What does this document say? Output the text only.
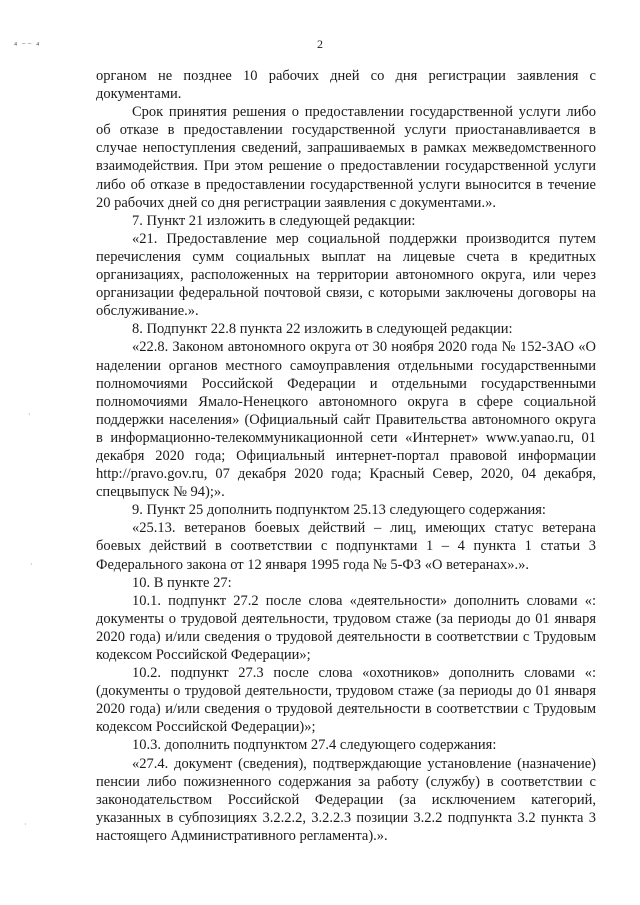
⁴ ⁻⁻ ⁴	2
·
·
·

органом не позднее 10 рабочих дней со дня регистрации заявления с документами.

Срок принятия решения о предоставлении государственной услуги либо об отказе в предоставлении государственной услуги приостанавливается в случае непоступления сведений, запрашиваемых в рамках межведомственного взаимодействия. При этом решение о предоставлении государственной услуги либо об отказе в предоставлении государственной услуги выносится в течение 20 рабочих дней со дня регистрации заявления с документами.».

7. Пункт 21 изложить в следующей редакции:

«21. Предоставление мер социальной поддержки производится путем перечисления сумм социальных выплат на лицевые счета в кредитных организациях, расположенных на территории автономного округа, или через организации федеральной почтовой связи, с которыми заключены договоры на обслуживание.».

8. Подпункт 22.8 пункта 22 изложить в следующей редакции:

«22.8. Законом автономного округа от 30 ноября 2020 года № 152-ЗАО «О наделении органов местного самоуправления отдельными государственными полномочиями Российской Федерации и отдельными государственными полномочиями Ямало-Ненецкого автономного округа в сфере социальной поддержки населения» (Официальный сайт Правительства автономного округа в информационно-телекоммуникационной сети «Интернет» www.yanao.ru, 01 декабря 2020 года; Официальный интернет-портал правовой информации http://pravo.gov.ru, 07 декабря 2020 года; Красный Север, 2020, 04 декабря, спецвыпуск № 94);».

9. Пункт 25 дополнить подпунктом 25.13 следующего содержания:

«25.13. ветеранов боевых действий – лиц, имеющих статус ветерана боевых действий в соответствии с подпунктами 1 – 4 пункта 1 статьи 3 Федерального закона от 12 января 1995 года № 5-ФЗ «О ветеранах».».

10. В пункте 27:

10.1. подпункт 27.2 после слова «деятельности» дополнить словами «: документы о трудовой деятельности, трудовом стаже (за периоды до 01 января 2020 года) и/или сведения о трудовой деятельности в соответствии с Трудовым кодексом Российской Федерации»;

10.2. подпункт 27.3 после слова «охотников» дополнить словами «: (документы о трудовой деятельности, трудовом стаже (за периоды до 01 января 2020 года) и/или сведения о трудовой деятельности в соответствии с Трудовым кодексом Российской Федерации)»;

10.3. дополнить подпунктом 27.4 следующего содержания:

«27.4. документ (сведения), подтверждающие установление (назначение) пенсии либо пожизненного содержания за работу (службу) в соответствии с законодательством Российской Федерации (за исключением категорий, указанных в субпозициях 3.2.2.2, 3.2.2.3 позиции 3.2.2 подпункта 3.2 пункта 3 настоящего Административного регламента).».
